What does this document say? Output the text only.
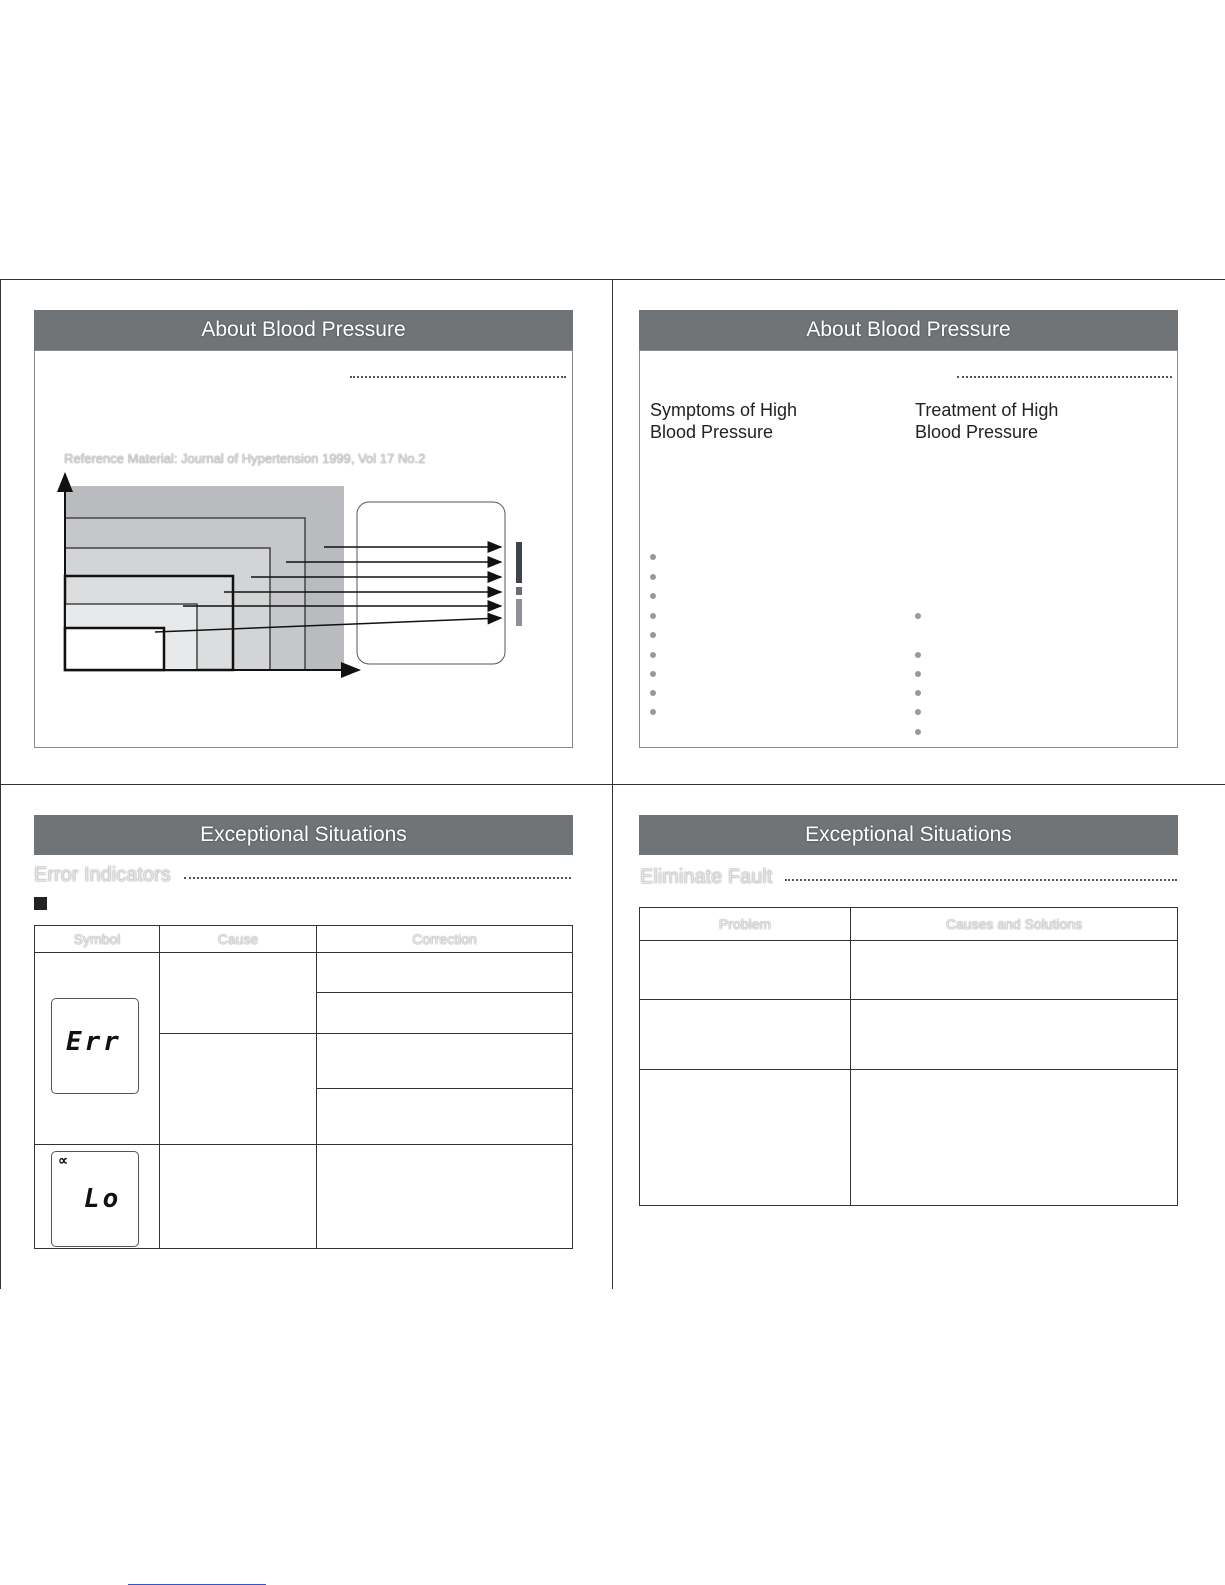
About Blood Pressure
Reference Material: Journal of Hypertension 1999, Vol 17 No.2
About Blood Pressure
Symptoms of High Blood Pressure
Treatment of High Blood Pressure
Exceptional Situations
Error Indicators
Symbol	Cause	Correction

Err
∝
Lo
Exceptional Situations
Eliminate Fault
Problem	Causes and Solutions
